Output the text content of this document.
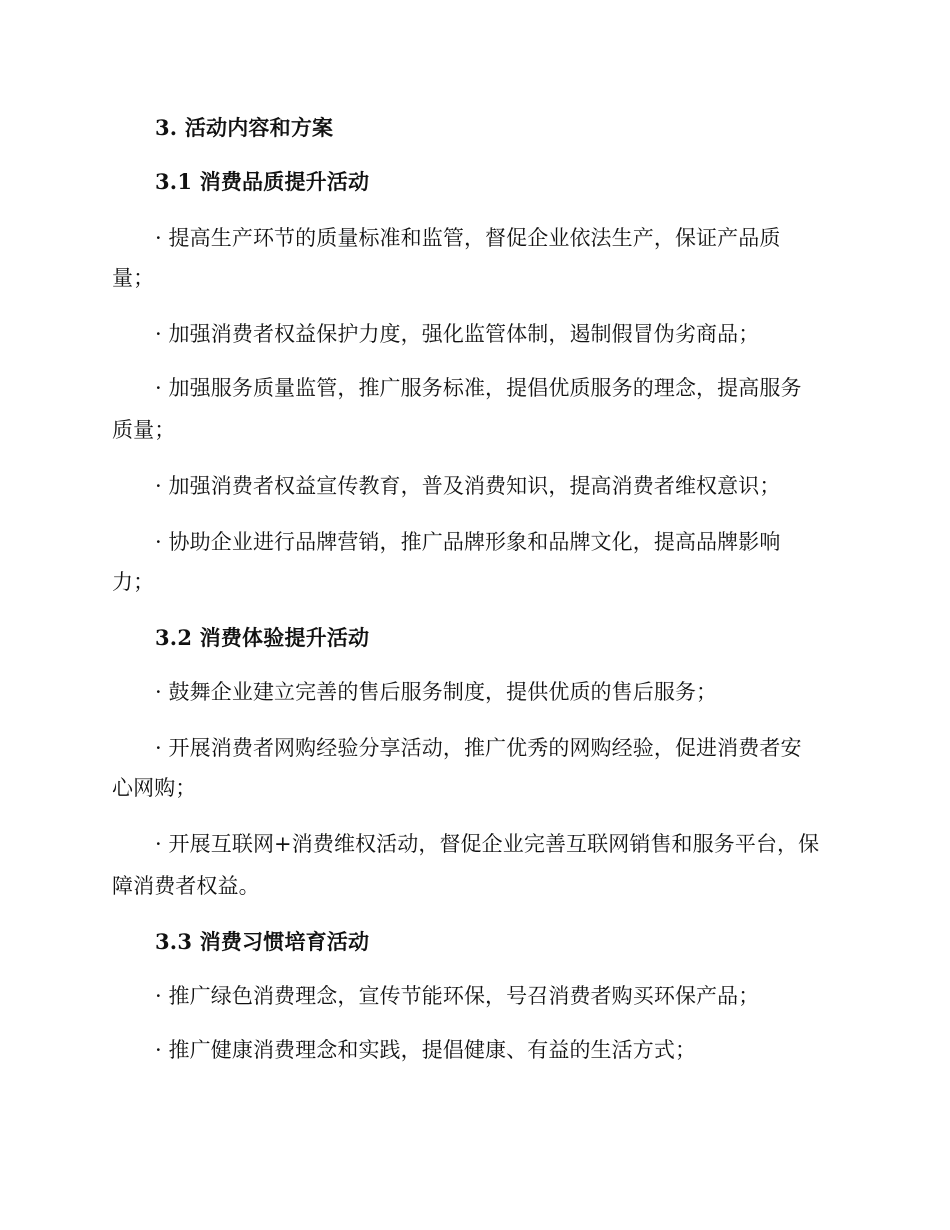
3. 活动内容和方案

3.1 消费品质提升活动

· 提高生产环节的质量标准和监管，督促企业依法生产，保证产品质

量；

· 加强消费者权益保护力度，强化监管体制，遏制假冒伪劣商品；

· 加强服务质量监管，推广服务标准，提倡优质服务的理念，提高服务

质量；

· 加强消费者权益宣传教育，普及消费知识，提高消费者维权意识；

· 协助企业进行品牌营销，推广品牌形象和品牌文化，提高品牌影响

力；

3.2 消费体验提升活动

· 鼓舞企业建立完善的售后服务制度，提供优质的售后服务；

· 开展消费者网购经验分享活动，推广优秀的网购经验，促进消费者安

心网购；

· 开展互联网+消费维权活动，督促企业完善互联网销售和服务平台，保

障消费者权益。

3.3 消费习惯培育活动

· 推广绿色消费理念，宣传节能环保，号召消费者购买环保产品；

· 推广健康消费理念和实践，提倡健康、有益的生活方式；
